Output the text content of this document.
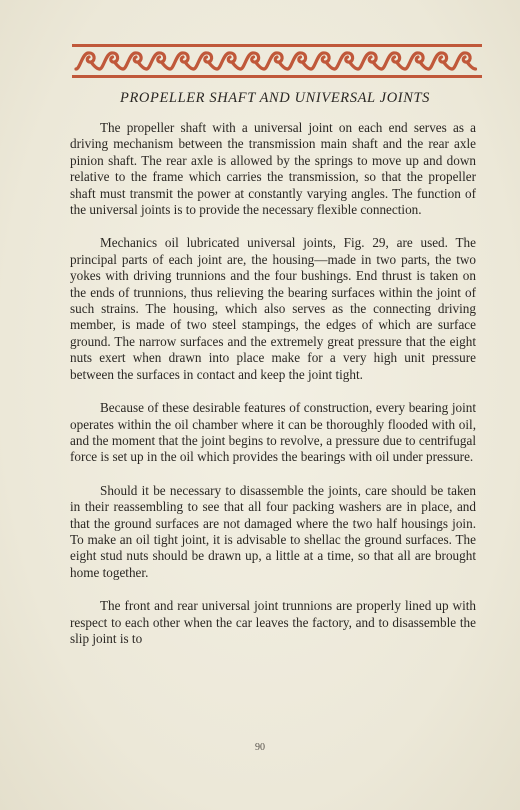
PROPELLER SHAFT AND UNIVERSAL JOINTS

The propeller shaft with a universal joint on each end serves as a driving mechanism between the transmission main shaft and the rear axle pinion shaft. The rear axle is allowed by the springs to move up and down relative to the frame which carries the transmission, so that the propeller shaft must transmit the power at constantly varying angles. The function of the universal joints is to provide the necessary flexible connection.

Mechanics oil lubricated universal joints, Fig. 29, are used. The principal parts of each joint are, the housing—made in two parts, the two yokes with driving trunnions and the four bushings. End thrust is taken on the ends of trunnions, thus relieving the bearing surfaces within the joint of such strains. The housing, which also serves as the connecting driving member, is made of two steel stampings, the edges of which are surface ground. The narrow surfaces and the extremely great pressure that the eight nuts exert when drawn into place make for a very high unit pressure between the surfaces in contact and keep the joint tight.

Because of these desirable features of construction, every bearing joint operates within the oil chamber where it can be thoroughly flooded with oil, and the moment that the joint begins to revolve, a pressure due to centrifugal force is set up in the oil which provides the bearings with oil under pressure.

Should it be necessary to disassemble the joints, care should be taken in their reassembling to see that all four packing washers are in place, and that the ground surfaces are not damaged where the two half housings join. To make an oil tight joint, it is advisable to shellac the ground surfaces. The eight stud nuts should be drawn up, a little at a time, so that all are brought home together.

The front and rear universal joint trunnions are properly lined up with respect to each other when the car leaves the factory, and to disassemble the slip joint is to

90
